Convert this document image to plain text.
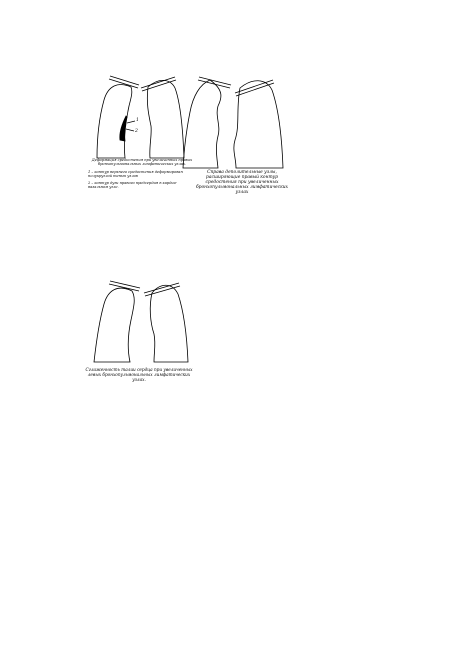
1
2
Деформация средостения при увеличенных правых бронхопульмональных лимфатических узлах.
1 – контур верхнего средостения деформирован полукруглой тенью узлов
2 – контур дуги правого предсердия в кардио-вазальном угле.
Справа деполительные узлы, расширяющие правый контур средостения при увеличенных бронхопульмональных лимфатических узлах
Сглаженность талии сердца при увеличенных левых бронхопульмональных лимфатических узлах.
